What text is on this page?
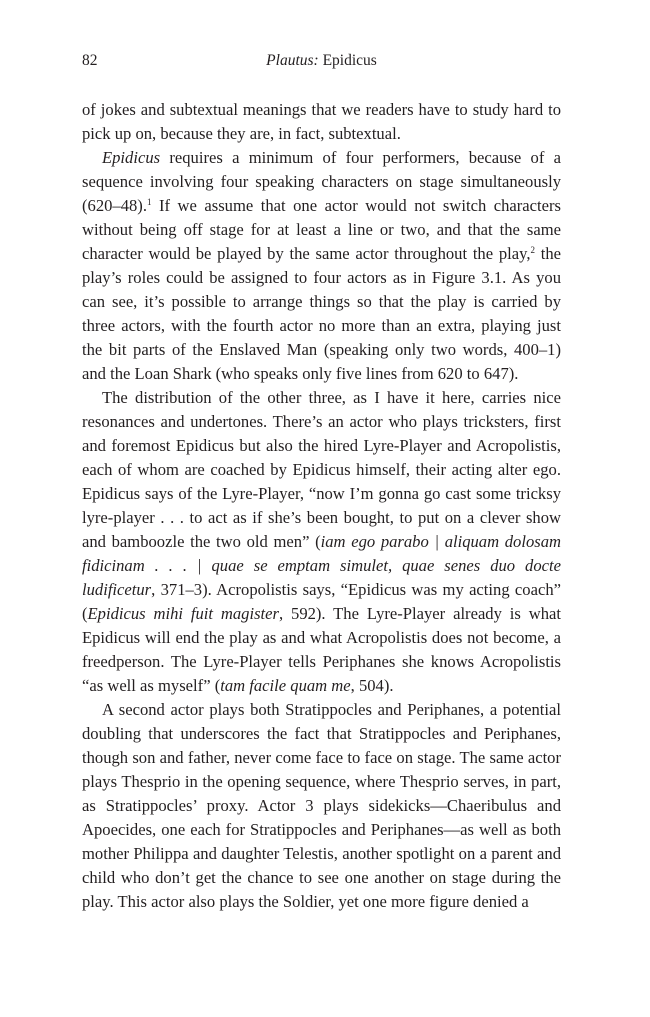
82	Plautus: Epidicus

of jokes and subtextual meanings that we readers have to study hard to pick up on, because they are, in fact, subtextual.

Epidicus requires a minimum of four performers, because of a sequence involving four speaking characters on stage simultaneously (620–48).$^1$ If we assume that one actor would not switch characters without being off stage for at least a line or two, and that the same character would be played by the same actor throughout the play,$^2$ the play’s roles could be assigned to four actors as in Figure 3.1. As you can see, it’s possible to arrange things so that the play is carried by three actors, with the fourth actor no more than an extra, playing just the bit parts of the Enslaved Man (speaking only two words, 400–1) and the Loan Shark (who speaks only five lines from 620 to 647).

The distribution of the other three, as I have it here, carries nice resonances and undertones. There’s an actor who plays tricksters, first and foremost Epidicus but also the hired Lyre-Player and Acropolistis, each of whom are coached by Epidicus himself, their acting alter ego. Epidicus says of the Lyre-Player, “now I’m gonna go cast some tricksy lyre-player . . . to act as if she’s been bought, to put on a clever show and bamboozle the two old men” (iam ego parabo | aliquam dolosam fidicinam . . . | quae se emptam simulet, quae senes duo docte ludificetur, 371–3). Acropolistis says, “Epidicus was my acting coach” (Epidicus mihi fuit magister, 592). The Lyre-Player already is what Epidicus will end the play as and what Acropolistis does not become, a freedperson. The Lyre-Player tells Periphanes she knows Acropolistis “as well as myself” (tam facile quam me, 504).

A second actor plays both Stratippocles and Periphanes, a potential doubling that underscores the fact that Stratippocles and Periphanes, though son and father, never come face to face on stage. The same actor plays Thesprio in the opening sequence, where Thesprio serves, in part, as Stratippocles’ proxy. Actor 3 plays sidekicks—Chaeribulus and Apoecides, one each for Stratippocles and Periphanes—as well as both mother Philippa and daughter Telestis, another spotlight on a parent and child who don’t get the chance to see one another on stage during the play. This actor also plays the Soldier, yet one more figure denied a
